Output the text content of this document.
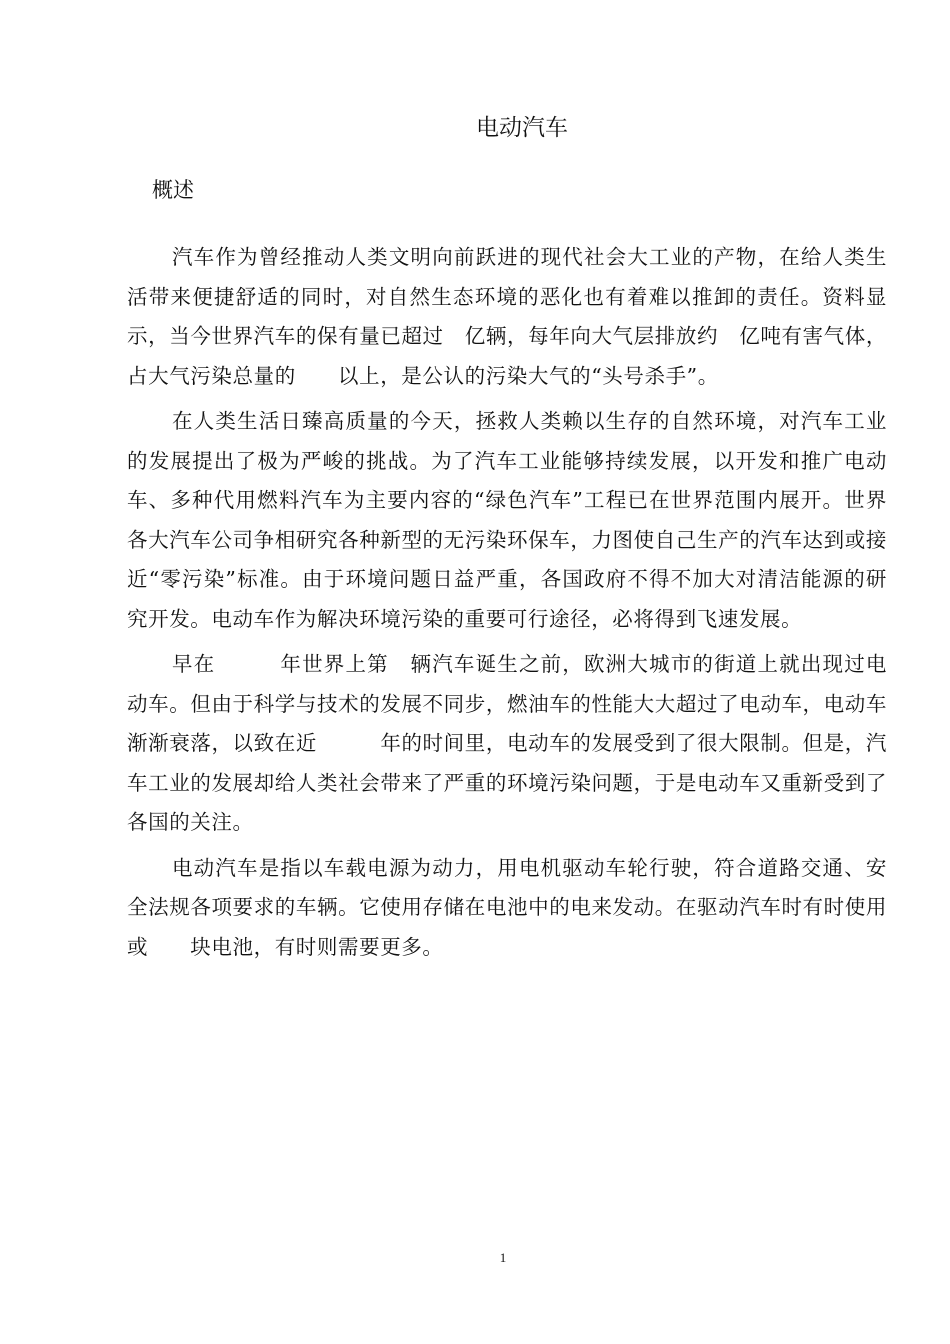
电动汽车
概述

汽车作为曾经推动人类文明向前跃进的现代社会大工业的产物，在给人类生活带来便捷舒适的同时，对自然生态环境的恶化也有着难以推卸的责任。资料显示，当今世界汽车的保有量已超过　亿辆，每年向大气层排放约　亿吨有害气体，占大气污染总量的　　以上，是公认的污染大气的“头号杀手”。

在人类生活日臻高质量的今天，拯救人类赖以生存的自然环境，对汽车工业的发展提出了极为严峻的挑战。为了汽车工业能够持续发展，以开发和推广电动车、多种代用燃料汽车为主要内容的“绿色汽车”工程已在世界范围内展开。世界各大汽车公司争相研究各种新型的无污染环保车，力图使自己生产的汽车达到或接近“零污染”标准。由于环境问题日益严重，各国政府不得不加大对清洁能源的研究开发。电动车作为解决环境污染的重要可行途径，必将得到飞速发展。

早在　　　年世界上第　辆汽车诞生之前，欧洲大城市的街道上就出现过电动车。但由于科学与技术的发展不同步，燃油车的性能大大超过了电动车，电动车渐渐衰落，以致在近　　　年的时间里，电动车的发展受到了很大限制。但是，汽车工业的发展却给人类社会带来了严重的环境污染问题，于是电动车又重新受到了各国的关注。

电动汽车是指以车载电源为动力，用电机驱动车轮行驶，符合道路交通、安全法规各项要求的车辆。它使用存储在电池中的电来发动。在驱动汽车时有时使用　　或　　块电池，有时则需要更多。

1
